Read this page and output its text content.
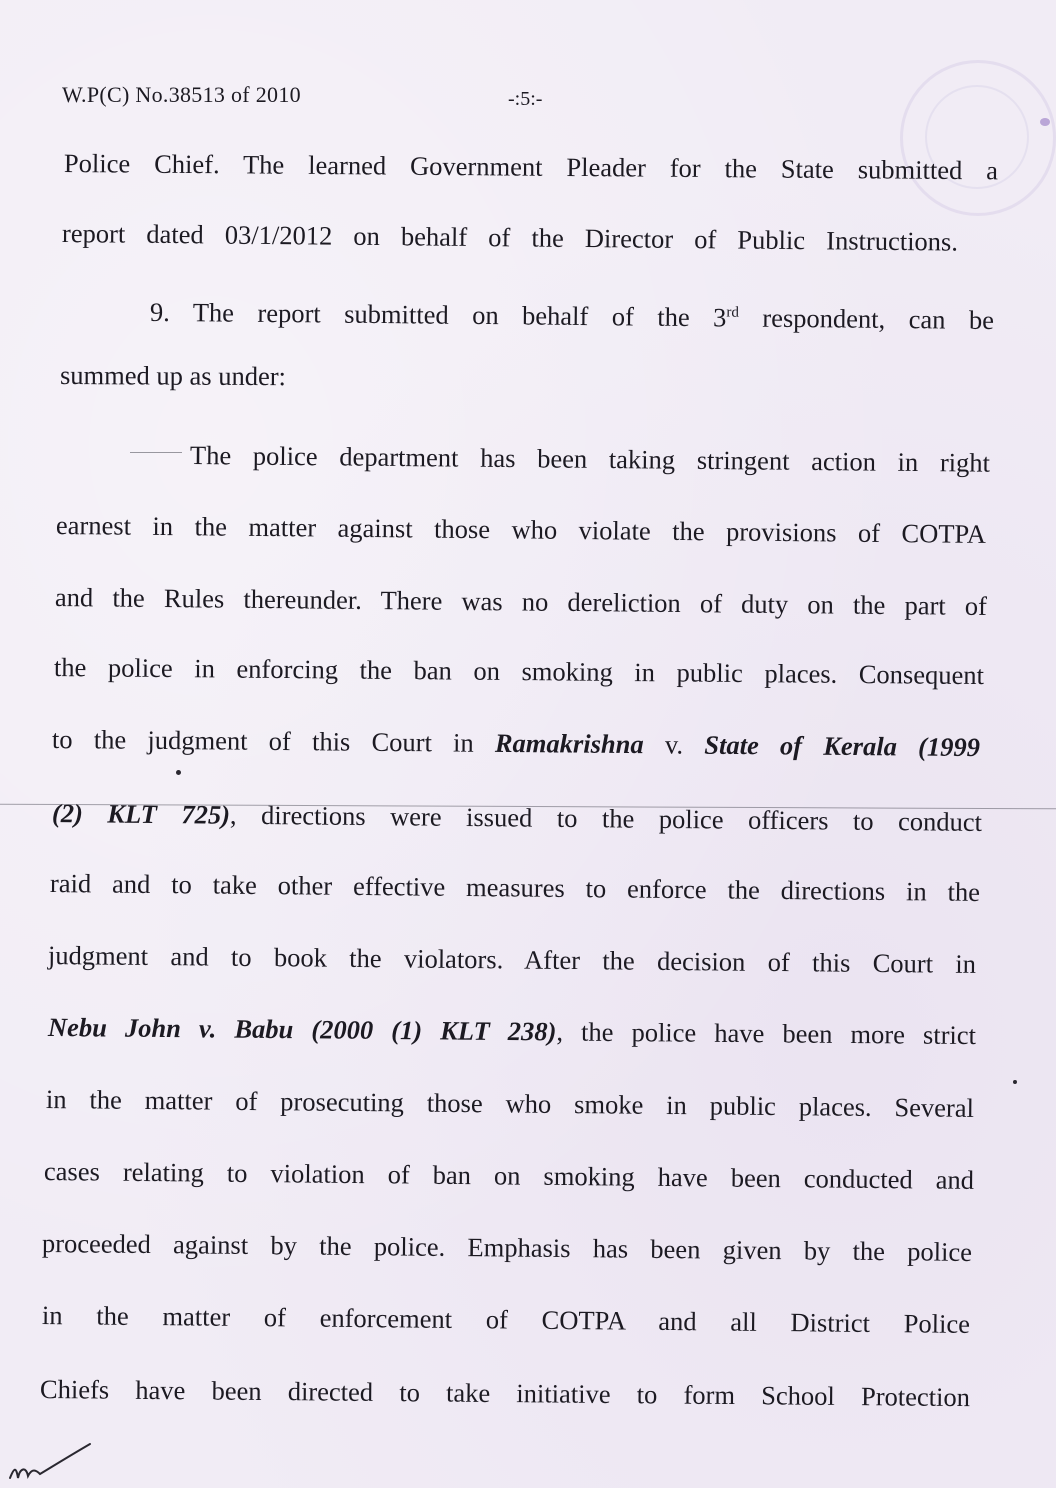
W.P(C) No.38513 of 2010	-:5:-
Police Chief. The learned Government Pleader for the State submitted a
report dated 03/1/2012 on behalf of the Director of Public Instructions.
9. The report submitted on behalf of the 3rd respondent, can be
summed up as under:
The police department has been taking stringent action in right
earnest in the matter against those who violate the provisions of COTPA
and the Rules thereunder. There was no dereliction of duty on the part of
the police in enforcing the ban on smoking in public places. Consequent
to the judgment of this Court in Ramakrishna v. State of Kerala (1999
(2) KLT 725), directions were issued to the police officers to conduct
raid and to take other effective measures to enforce the directions in the
judgment and to book the violators. After the decision of this Court in
Nebu John v. Babu (2000 (1) KLT 238), the police have been more strict
in the matter of prosecuting those who smoke in public places. Several
cases relating to violation of ban on smoking have been conducted and
proceeded against by the police. Emphasis has been given by the police
in the matter of enforcement of COTPA and all District Police
Chiefs have been directed to take initiative to form School Protection
